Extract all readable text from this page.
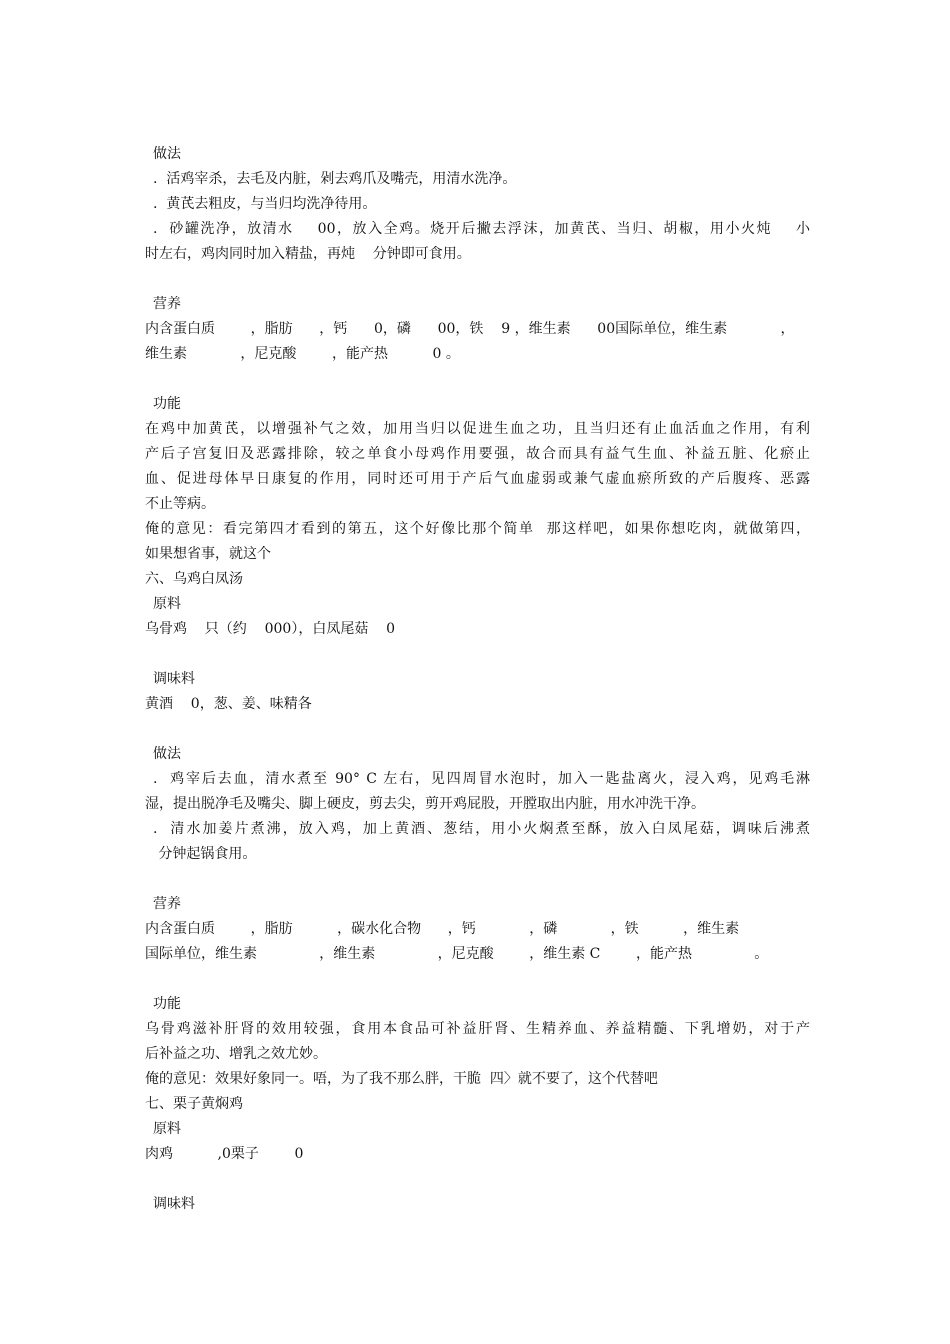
做法
.  活鸡宰杀，去毛及内脏，剁去鸡爪及嘴壳，用清水洗净。
.  黄芪去粗皮，与当归均洗净待用。
.  砂罐洗净，放清水    00，放入全鸡。烧开后撇去浮沫，加黄芪、当归、胡椒，用小火炖    小
时左右，鸡肉同时加入精盐，再炖    分钟即可食用。
营养
内含蛋白质        ，脂肪      ，钙      0，磷      00，铁    9 ，维生素      00国际单位，维生素            ，
维生素            ，尼克酸        ，能产热          0 。
功能
在鸡中加黄芪，以增强补气之效，加用当归以促进生血之功，且当归还有止血活血之作用，有利
产后子宫复旧及恶露排除，较之单食小母鸡作用要强，故合而具有益气生血、补益五脏、化瘀止
血、促进母体早日康复的作用，同时还可用于产后气血虚弱或兼气虚血瘀所致的产后腹疼、恶露
不止等病。
俺的意见：看完第四才看到的第五，这个好像比那个简单  那这样吧，如果你想吃肉，就做第四，
如果想省事，就这个
六、乌鸡白凤汤
原料
乌骨鸡    只（约    000），白凤尾菇    0
调味料
黄酒    0，葱、姜、味精各
做法
.  鸡宰后去血，清水煮至 90° C 左右，见四周冒水泡时，加入一匙盐离火，浸入鸡，见鸡毛淋
湿，提出脱净毛及嘴尖、脚上硬皮，剪去尖，剪开鸡屁股，开膛取出内脏，用水冲洗干净。
.  清水加姜片煮沸，放入鸡，加上黄酒、葱结，用小火焖煮至酥，放入白凤尾菇，调味后沸煮
分钟起锅食用。
营养
内含蛋白质        ，脂肪          ，碳水化合物      ，钙            ，磷            ，铁          ，维生素
国际单位，维生素              ，维生素              ，尼克酸        ，维生素 C        ，能产热              。
功能
乌骨鸡滋补肝肾的效用较强，食用本食品可补益肝肾、生精养血、养益精髓、下乳增奶，对于产
后补益之功、增乳之效尤妙。
俺的意见：效果好象同一。唔，为了我不那么胖，干脆  四〉就不要了，这个代替吧
七、栗子黄焖鸡
原料
肉鸡          ,0栗子        0
调味料
